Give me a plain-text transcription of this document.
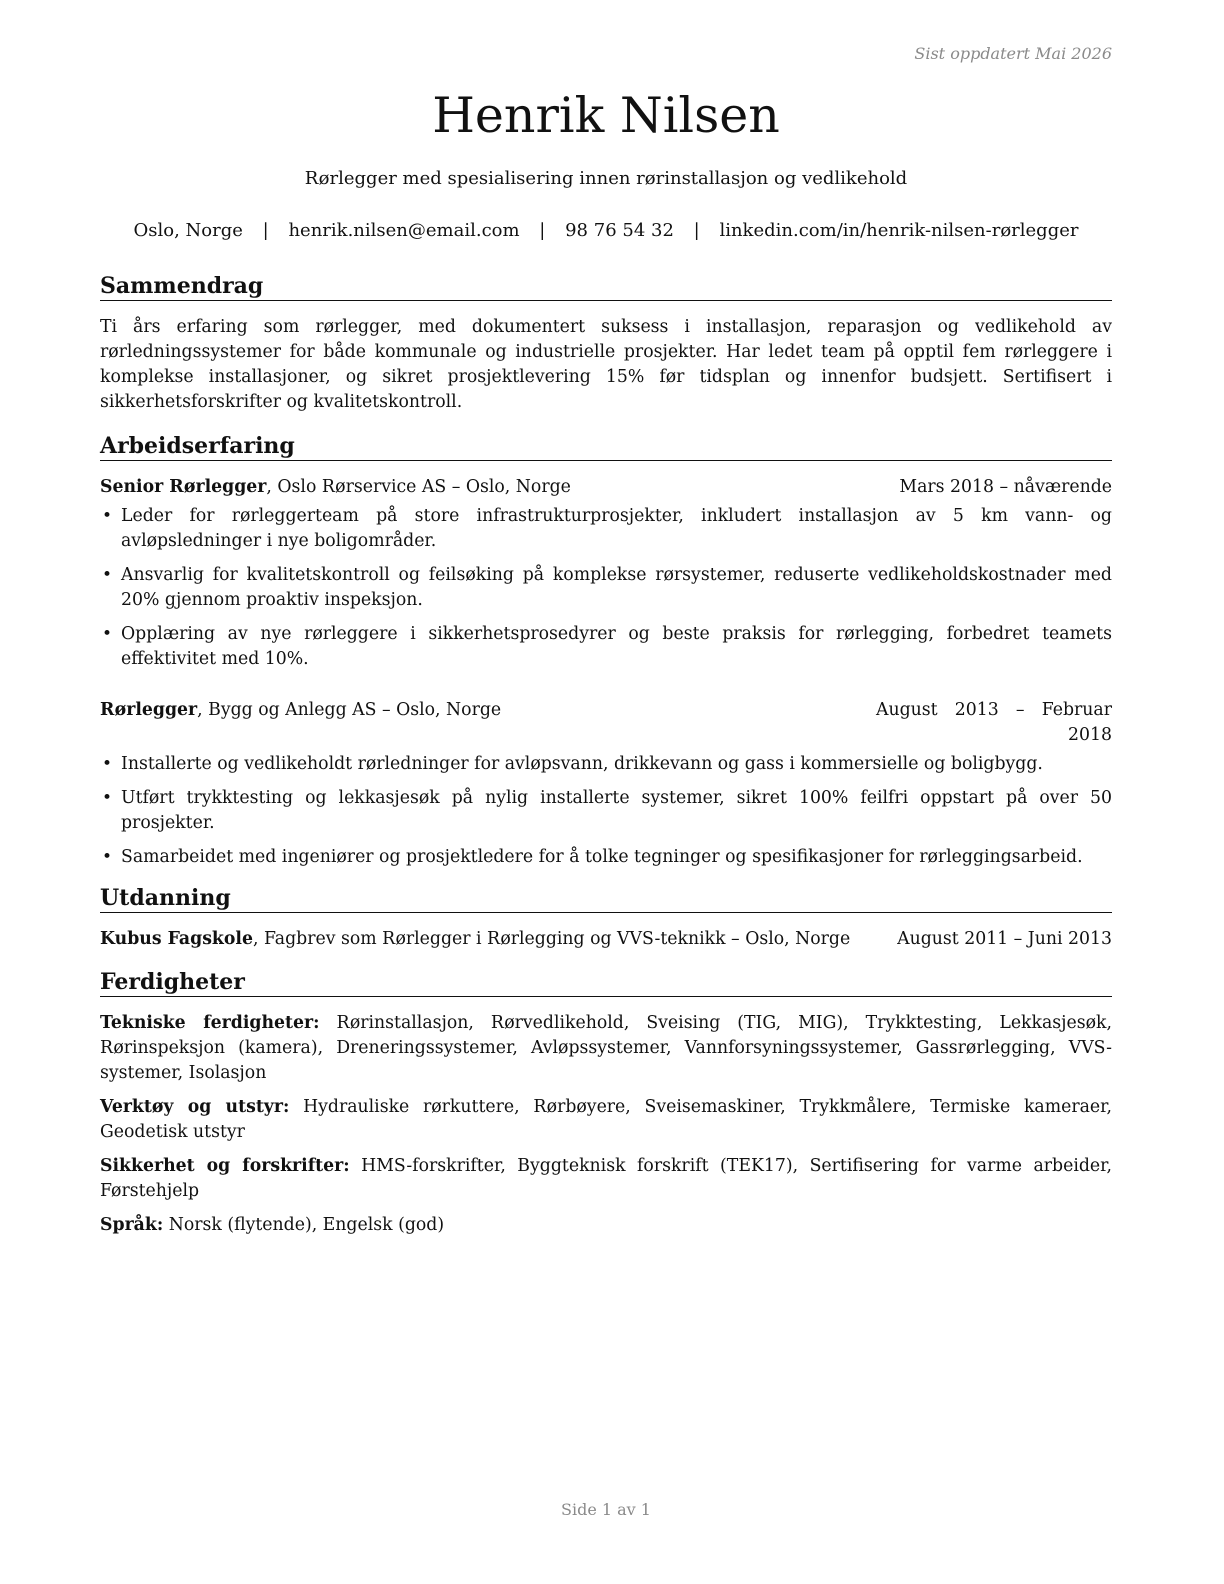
Sist oppdatert Mai 2026
Henrik Nilsen
Rørlegger med spesialisering innen rørinstallasjon og vedlikehold
Oslo, Norge | henrik.nilsen@email.com | 98 76 54 32 | linkedin.com/in/henrik-nilsen-rørlegger
Sammendrag

Ti års erfaring som rørlegger, med dokumentert suksess i installasjon, reparasjon og vedlikehold av rørledningssystemer for både kommunale og industrielle prosjekter. Har ledet team på opptil fem rørleggere i komplekse installasjoner, og sikret prosjektlevering 15% før tidsplan og innenfor budsjett. Sertifisert i sikkerhetsforskrifter og kvalitetskontroll.

Arbeidserfaring
Senior Rørlegger, Oslo Rørservice AS – Oslo, Norge	Mars 2018 – nåværende
• Leder for rørleggerteam på store infrastrukturprosjekter, inkludert installasjon av 5 km vann- og avløpsledninger i nye boligområder.
• Ansvarlig for kvalitetskontroll og feilsøking på komplekse rørsystemer, reduserte vedlikeholdskostnader med 20% gjennom proaktiv inspeksjon.
• Opplæring av nye rørleggere i sikkerhetsprosedyrer og beste praksis for rørlegging, forbedret teamets effektivitet med 10%.
Rørlegger, Bygg og Anlegg AS – Oslo, Norge	August 2013 – Februar
2018
• Installerte og vedlikeholdt rørledninger for avløpsvann, drikkevann og gass i kommersielle og boligbygg.
• Utført trykktesting og lekkasjesøk på nylig installerte systemer, sikret 100% feilfri oppstart på over 50 prosjekter.
• Samarbeidet med ingeniører og prosjektledere for å tolke tegninger og spesifikasjoner for rørleggingsarbeid.
Utdanning
Kubus Fagskole, Fagbrev som Rørlegger i Rørlegging og VVS-teknikk – Oslo, Norge	August 2011 – Juni 2013
Ferdigheter
Tekniske ferdigheter: Rørinstallasjon, Rørvedlikehold, Sveising (TIG, MIG), Trykktesting, Lekkasjesøk, Rørinspeksjon (kamera), Dreneringssystemer, Avløpssystemer, Vannforsyningssystemer, Gassrørlegging, VVS-systemer, Isolasjon
Verktøy og utstyr: Hydrauliske rørkuttere, Rørbøyere, Sveisemaskiner, Trykkmålere, Termiske kameraer, Geodetisk utstyr
Sikkerhet og forskrifter: HMS-forskrifter, Byggteknisk forskrift (TEK17), Sertifisering for varme arbeider, Førstehjelp
Språk: Norsk (flytende), Engelsk (god)
Side 1 av 1
